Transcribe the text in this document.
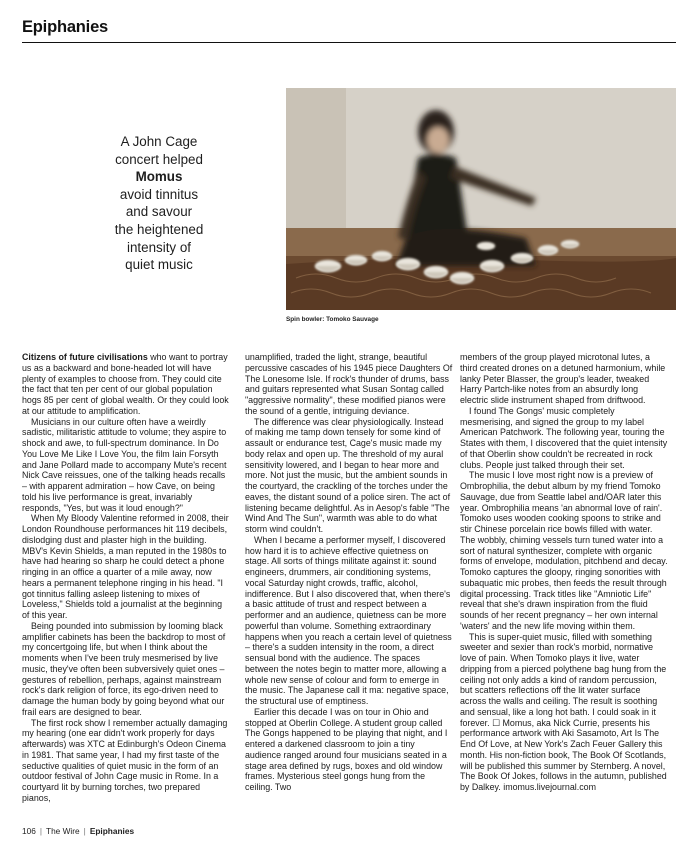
Epiphanies
A John Cage
concert helped
Momus
avoid tinnitus
and savour
the heightened
intensity of
quiet music
Spin bowler: Tomoko Sauvage

Citizens of future civilisations who want to portray us as a backward and bone-headed lot will have plenty of examples to choose from. They could cite the fact that ten per cent of our global population hogs 85 per cent of global wealth. Or they could look at our attitude to amplification.

Musicians in our culture often have a weirdly sadistic, militaristic attitude to volume; they aspire to shock and awe, to full-spectrum dominance. In Do You Love Me Like I Love You, the film Iain Forsyth and Jane Pollard made to accompany Mute's recent Nick Cave reissues, one of the talking heads recalls – with apparent admiration – how Cave, on being told his live performance is great, invariably responds, "Yes, but was it loud enough?"

When My Bloody Valentine reformed in 2008, their London Roundhouse performances hit 119 decibels, dislodging dust and plaster high in the building. MBV's Kevin Shields, a man reputed in the 1980s to have had hearing so sharp he could detect a phone ringing in an office a quarter of a mile away, now hears a permanent telephone ringing in his head. "I got tinnitus falling asleep listening to mixes of Loveless," Shields told a journalist at the beginning of this year.

Being pounded into submission by looming black amplifier cabinets has been the backdrop to most of my concertgoing life, but when I think about the moments when I've been truly mesmerised by live music, they've often been subversively quiet ones – gestures of rebellion, perhaps, against mainstream rock's dark religion of force, its ego-driven need to damage the human body by going beyond what our frail ears are designed to bear.

The first rock show I remember actually damaging my hearing (one ear didn't work properly for days afterwards) was XTC at Edinburgh's Odeon Cinema in 1981. That same year, I had my first taste of the seductive qualities of quiet music in the form of an outdoor festival of John Cage music in Rome. In a courtyard lit by burning torches, two prepared pianos,

unamplified, traded the light, strange, beautiful percussive cascades of his 1945 piece Daughters Of The Lonesome Isle. If rock's thunder of drums, bass and guitars represented what Susan Sontag called "aggressive normality", these modified pianos were the sound of a gentle, intriguing deviance.

The difference was clear physiologically. Instead of making me tamp down tensely for some kind of assault or endurance test, Cage's music made my body relax and open up. The threshold of my aural sensitivity lowered, and I began to hear more and more. Not just the music, but the ambient sounds in the courtyard, the crackling of the torches under the eaves, the distant sound of a police siren. The act of listening became delightful. As in Aesop's fable "The Wind And The Sun", warmth was able to do what storm wind couldn't.

When I became a performer myself, I discovered how hard it is to achieve effective quietness on stage. All sorts of things militate against it: sound engineers, drummers, air conditioning systems, vocal Saturday night crowds, traffic, alcohol, indifference. But I also discovered that, when there's a basic attitude of trust and respect between a performer and an audience, quietness can be more powerful than volume. Something extraordinary happens when you reach a certain level of quietness – there's a sudden intensity in the room, a direct sensual bond with the audience. The spaces between the notes begin to matter more, allowing a whole new sense of colour and form to emerge in the music. The Japanese call it ma: negative space, the structural use of emptiness.

Earlier this decade I was on tour in Ohio and stopped at Oberlin College. A student group called The Gongs happened to be playing that night, and I entered a darkened classroom to join a tiny audience ranged around four musicians seated in a stage area defined by rugs, boxes and old window frames. Mysterious steel gongs hung from the ceiling. Two

members of the group played microtonal lutes, a third created drones on a detuned harmonium, while lanky Peter Blasser, the group's leader, tweaked Harry Partch-like notes from an absurdly long electric slide instrument shaped from driftwood.

I found The Gongs' music completely mesmerising, and signed the group to my label American Patchwork. The following year, touring the States with them, I discovered that the quiet intensity of that Oberlin show couldn't be recreated in rock clubs. People just talked through their set.

The music I love most right now is a preview of Ombrophilia, the debut album by my friend Tomoko Sauvage, due from Seattle label and/OAR later this year. Ombrophilia means 'an abnormal love of rain'. Tomoko uses wooden cooking spoons to strike and stir Chinese porcelain rice bowls filled with water. The wobbly, chiming vessels turn tuned water into a sort of natural synthesizer, complete with organic forms of envelope, modulation, pitchbend and decay. Tomoko captures the gloopy, ringing sonorities with subaquatic mic probes, then feeds the result through digital processing. Track titles like "Amniotic Life" reveal that she's drawn inspiration from the fluid sounds of her recent pregnancy – her own internal 'waters' and the new life moving within them.

This is super-quiet music, filled with something sweeter and sexier than rock's morbid, normative love of pain. When Tomoko plays it live, water dripping from a pierced polythene bag hung from the ceiling not only adds a kind of random percussion, but scatters reflections off the lit water surface across the walls and ceiling. The result is soothing and sensual, like a long hot bath. I could soak in it forever. ☐ Momus, aka Nick Currie, presents his performance artwork with Aki Sasamoto, Art Is The End Of Love, at New York's Zach Feuer Gallery this month. His non-fiction book, The Book Of Scotlands, will be published this summer by Sternberg. A novel, The Book Of Jokes, follows in the autumn, published by Dalkey. imomus.livejournal.com

106 | The Wire | Epiphanies
